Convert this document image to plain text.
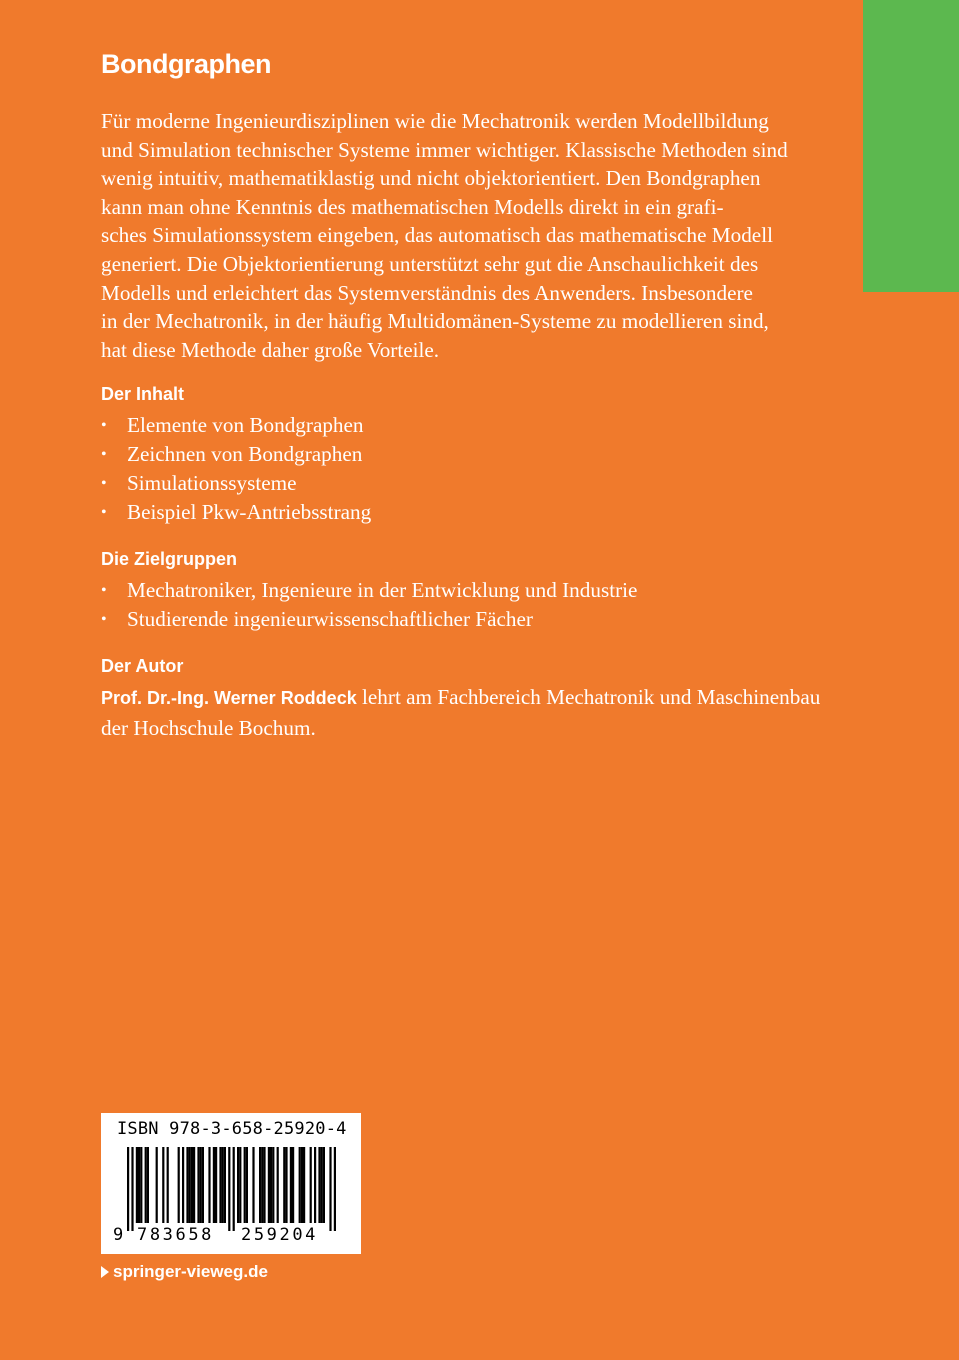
Bondgraphen
Für moderne Ingenieurdisziplinen wie die Mechatronik werden Modellbildung
und Simulation technischer Systeme immer wichtiger. Klassische Methoden sind
wenig intuitiv, mathematiklastig und nicht objektorientiert. Den Bondgraphen
kann man ohne Kenntnis des mathematischen Modells direkt in ein grafi-
sches Simulationssystem eingeben, das automatisch das mathematische Modell
generiert. Die Objektorientierung unterstützt sehr gut die Anschaulichkeit des
Modells und erleichtert das Systemverständnis des Anwenders. Insbesondere
in der Mechatronik, in der häufig Multidomänen-Systeme zu modellieren sind,
hat diese Methode daher große Vorteile.
Der Inhalt
• Elemente von Bondgraphen
• Zeichnen von Bondgraphen
• Simulationssysteme
• Beispiel Pkw-Antriebsstrang
Die Zielgruppen
• Mechatroniker, Ingenieure in der Entwicklung und Industrie
• Studierende ingenieurwissenschaftlicher Fächer
Der Autor
Prof. Dr.-Ing. Werner Roddeck lehrt am Fachbereich Mechatronik und Maschinenbau
der Hochschule Bochum.
ISBN 978-3-658-25920-4
9 783658 259204
springer-vieweg.de
